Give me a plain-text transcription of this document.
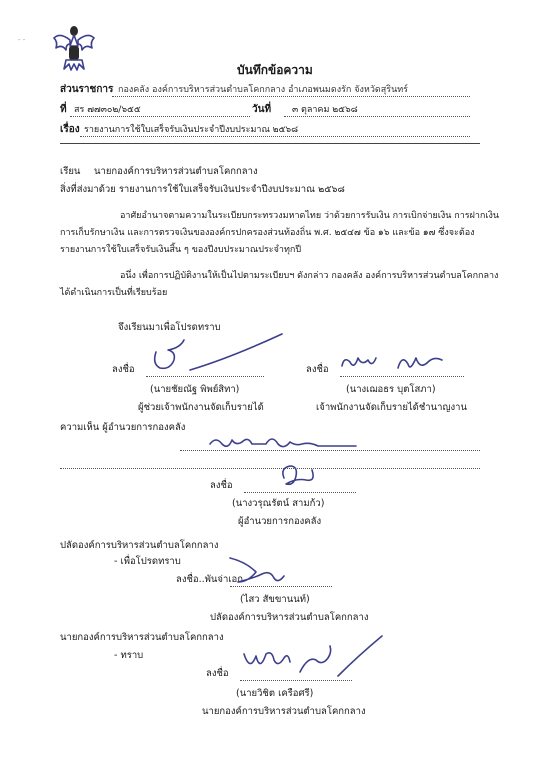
- -
บันทึกข้อความ
ส่วนราชการ กองคลัง องค์การบริหารส่วนตำบลโคกกลาง อำเภอพนมดงรัก จังหวัดสุรินทร์
ที่ สร ๗๗๓๐๒/๖๕๕	วันที่ ๓ ตุลาคม ๒๕๖๘
เรื่อง รายงานการใช้ใบเสร็จรับเงินประจำปีงบประมาณ ๒๕๖๘
เรียน นายกองค์การบริหารส่วนตำบลโคกกลาง
สิ่งที่ส่งมาด้วย รายงานการใช้ใบเสร็จรับเงินประจำปีงบประมาณ ๒๕๖๘
อาศัยอำนาจตามความในระเบียบกระทรวงมหาดไทย ว่าด้วยการรับเงิน การเบิกจ่ายเงิน การฝากเงิน
การเก็บรักษาเงิน และการตรวจเงินขององค์กรปกครองส่วนท้องถิ่น พ.ศ. ๒๕๔๗ ข้อ ๑๖ และข้อ ๑๗ ซึ่งจะต้อง
รายงานการใช้ใบเสร็จรับเงินสิ้น ๆ ของปีงบประมาณประจำทุกปี
อนึ่ง เพื่อการปฏิบัติงานให้เป็นไปตามระเบียบฯ ดังกล่าว กองคลัง องค์การบริหารส่วนตำบลโคกกลาง
ได้ดำเนินการเป็นที่เรียบร้อย
จึงเรียนมาเพื่อโปรดทราบ
ลงชื่อ
(นายชัยณัฐ พิพย์สิทา)
ผู้ช่วยเจ้าพนักงานจัดเก็บรายได้
ลงชื่อ
(นางเฌอธร บุตโสภา)
เจ้าพนักงานจัดเก็บรายได้ชำนาญงาน
ความเห็น ผู้อำนวยการกองคลัง
ลงชื่อ
(นางวรุณรัตน์ สามก้ว)
ผู้อำนวยการกองคลัง
ปลัดองค์การบริหารส่วนตำบลโคกกลาง
- เพื่อโปรดทราบ
ลงชื่อ..พันจ่าเอก
(ไสว สัขขานนท์)
ปลัดองค์การบริหารส่วนตำบลโคกกลาง
นายกองค์การบริหารส่วนตำบลโคกกลาง
- ทราบ
ลงชื่อ
(นายวิชิต เครือศรี)
นายกองค์การบริหารส่วนตำบลโคกกลาง
